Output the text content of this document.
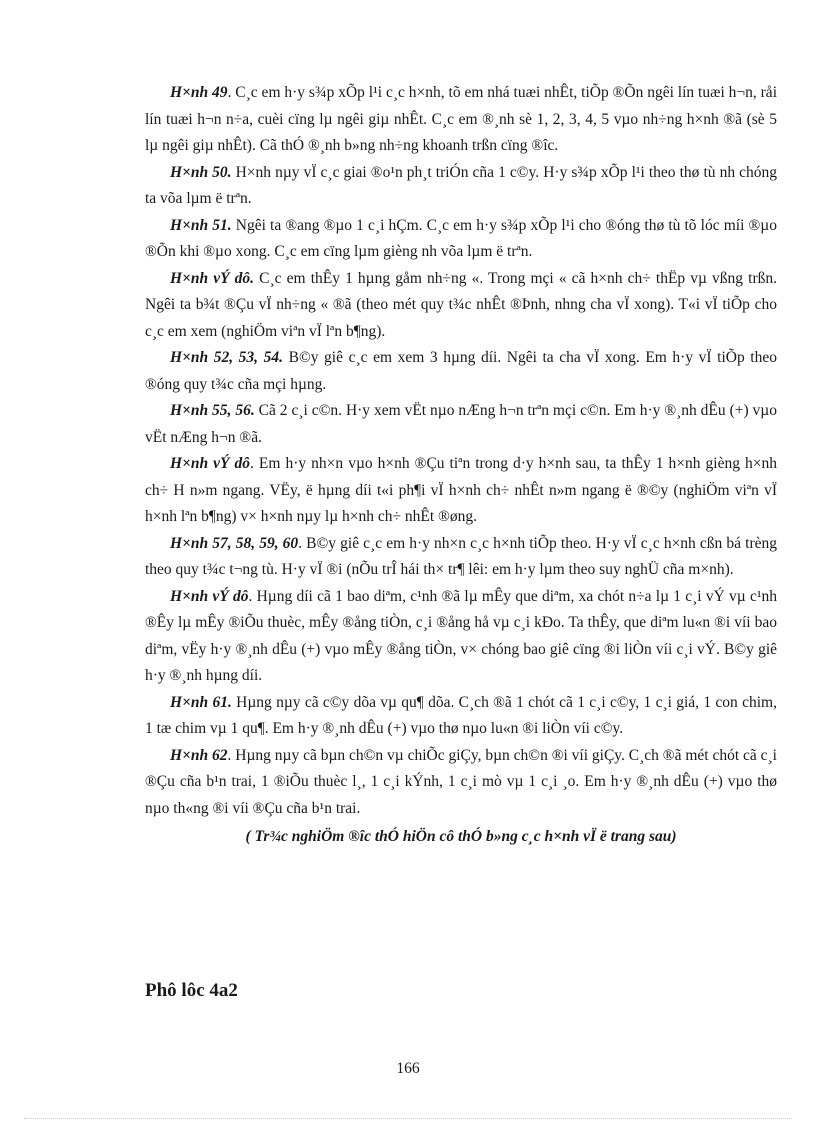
H×nh 49. C¸c em h·y s¾p xÕp l¹i c¸c h×nh, tõ em nhá tuæi nhÊt, tiÕp ®Õn ngêi lín tuæi h¬n, råi lín tuæi h¬n n÷a, cuèi cïng lµ ngêi giµ nhÊt. C¸c em ®¸nh sè 1, 2, 3, 4, 5 vµo nh÷ng h×nh ®ã (sè 5 lµ ngêi giµ nhÊt). Cã thÓ ®¸nh b»ng nh÷ng khoanh trßn cïng ®îc.

H×nh 50. H×nh nµy vÏ c¸c giai ®o¹n ph¸t triÓn cña 1 c©y. H·y s¾p xÕp l¹i theo thø tù nh chóng ta võa lµm ë trªn.

H×nh 51. Ngêi ta ®ang ®µo 1 c¸i hÇm. C¸c em h·y s¾p xÕp l¹i cho ®óng thø tù tõ lóc míi ®µo ®Õn khi ®µo xong. C¸c em cïng lµm gièng nh võa lµm ë trªn.

H×nh vÝ dô. C¸c em thÊy 1 hµng gåm nh÷ng «. Trong mçi « cã h×nh ch÷ thËp vµ vßng trßn. Ngêi ta b¾t ®Çu vÏ nh÷ng « ®ã (theo mét quy t¾c nhÊt ®Þnh, nhng cha vÏ xong). T«i vÏ tiÕp cho c¸c em xem (nghiÖm viªn vÏ lªn b¶ng).

H×nh 52, 53, 54. B©y giê c¸c em xem 3 hµng díi. Ngêi ta cha vÏ xong. Em h·y vÏ tiÕp theo ®óng quy t¾c cña mçi hµng.

H×nh 55, 56. Cã 2 c¸i c©n. H·y xem vËt nµo nÆng h¬n trªn mçi c©n. Em h·y ®¸nh dÊu (+) vµo vËt nÆng h¬n ®ã.

H×nh vÝ dô. Em h·y nh×n vµo h×nh ®Çu tiªn trong d·y h×nh sau, ta thÊy 1 h×nh gièng h×nh ch÷ H n»m ngang. VËy, ë hµng díi t«i ph¶i vÏ h×nh ch÷ nhÊt n»m ngang ë ®©y (nghiÖm viªn vÏ h×nh lªn b¶ng) v× h×nh nµy lµ h×nh ch÷ nhÊt ®øng.

H×nh 57, 58, 59, 60. B©y giê c¸c em h·y nh×n c¸c h×nh tiÕp theo. H·y vÏ c¸c h×nh cßn bá trèng theo quy t¾c t¬ng tù. H·y vÏ ®i (nÕu trÎ hái th× tr¶ lêi: em h·y lµm theo suy nghÜ cña m×nh).

H×nh vÝ dô. Hµng díi cã 1 bao diªm, c¹nh ®ã lµ mÊy que diªm, xa chót n÷a lµ 1 c¸i vÝ vµ c¹nh ®Êy lµ mÊy ®iÕu thuèc, mÊy ®ång tiÒn, c¸i ®ång hå vµ c¸i kÐo. Ta thÊy, que diªm lu«n ®i víi bao diªm, vËy h·y ®¸nh dÊu (+) vµo mÊy ®ång tiÒn, v× chóng bao giê cïng ®i liÒn víi c¸i vÝ. B©y giê h·y ®¸nh hµng díi.

H×nh 61. Hµng nµy cã c©y dõa vµ qu¶ dõa. C¸ch ®ã 1 chót cã 1 c¸i c©y, 1 c¸i giá, 1 con chim, 1 tæ chim vµ 1 qu¶. Em h·y ®¸nh dÊu (+) vµo thø nµo lu«n ®i liÒn víi c©y.

H×nh 62. Hµng nµy cã bµn ch©n vµ chiÕc giÇy, bµn ch©n ®i víi giÇy. C¸ch ®ã mét chót cã c¸i ®Çu cña b¹n trai, 1 ®iÕu thuèc l¸, 1 c¸i kÝnh, 1 c¸i mò vµ 1 c¸i ¸o. Em h·y ®¸nh dÊu (+) vµo thø nµo th«ng ®i víi ®Çu cña b¹n trai.

( Tr¾c nghiÖm ®îc thÓ hiÖn cô thÓ b»ng c¸c h×nh vÏ ë trang sau)

Phô lôc 4a2
166
